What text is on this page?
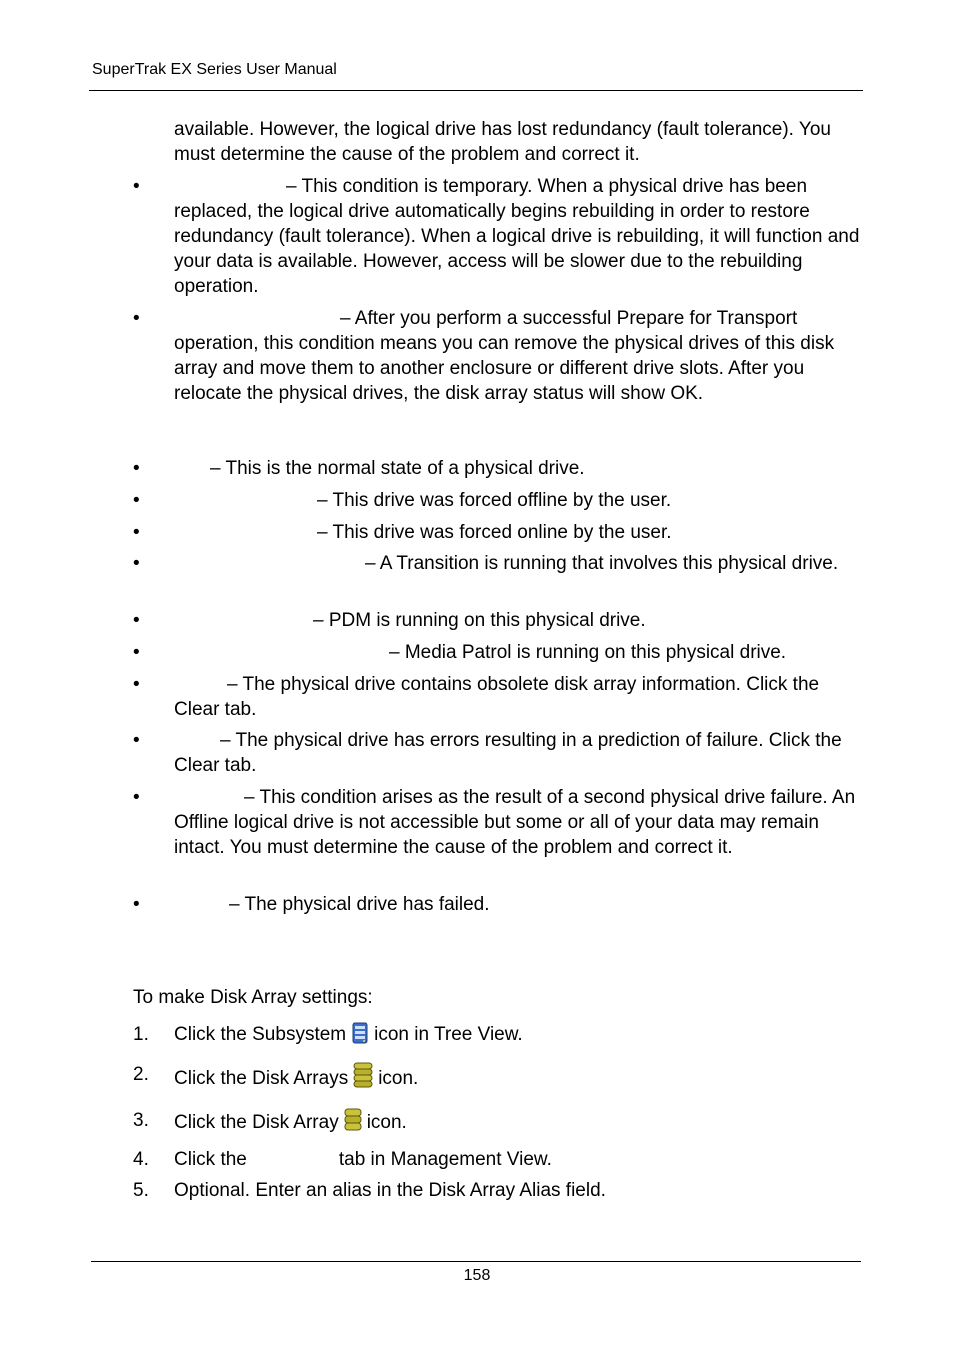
SuperTrak EX Series User Manual
available. However, the logical drive has lost redundancy (fault tolerance). You must determine the cause of the problem and correct it.
•	– This condition is temporary. When a physical drive has been replaced, the logical drive automatically begins rebuilding in order to restore redundancy (fault tolerance). When a logical drive is rebuilding, it will function and your data is available. However, access will be slower due to the rebuilding operation.
•	– After you perform a successful Prepare for Transport operation, this condition means you can remove the physical drives of this disk array and move them to another enclosure or different drive slots. After you relocate the physical drives, the disk array status will show OK.
•	– This is the normal state of a physical drive.
•	– This drive was forced offline by the user.
•	– This drive was forced online by the user.
•	– A Transition is running that involves this physical drive.
•	– PDM is running on this physical drive.
•	– Media Patrol is running on this physical drive.
•	– The physical drive contains obsolete disk array information. Click the Clear tab.
•	– The physical drive has errors resulting in a prediction of failure. Click the Clear tab.
•	– This condition arises as the result of a second physical drive failure. An Offline logical drive is not accessible but some or all of your data may remain intact. You must determine the cause of the problem and correct it.
•	– The physical drive has failed.
To make Disk Array settings:
1. Click the Subsystem icon in Tree View.
2. Click the Disk Arrays icon.
3. Click the Disk Array icon.
4. Click the	tab in Management View.
5. Optional. Enter an alias in the Disk Array Alias field.
158
